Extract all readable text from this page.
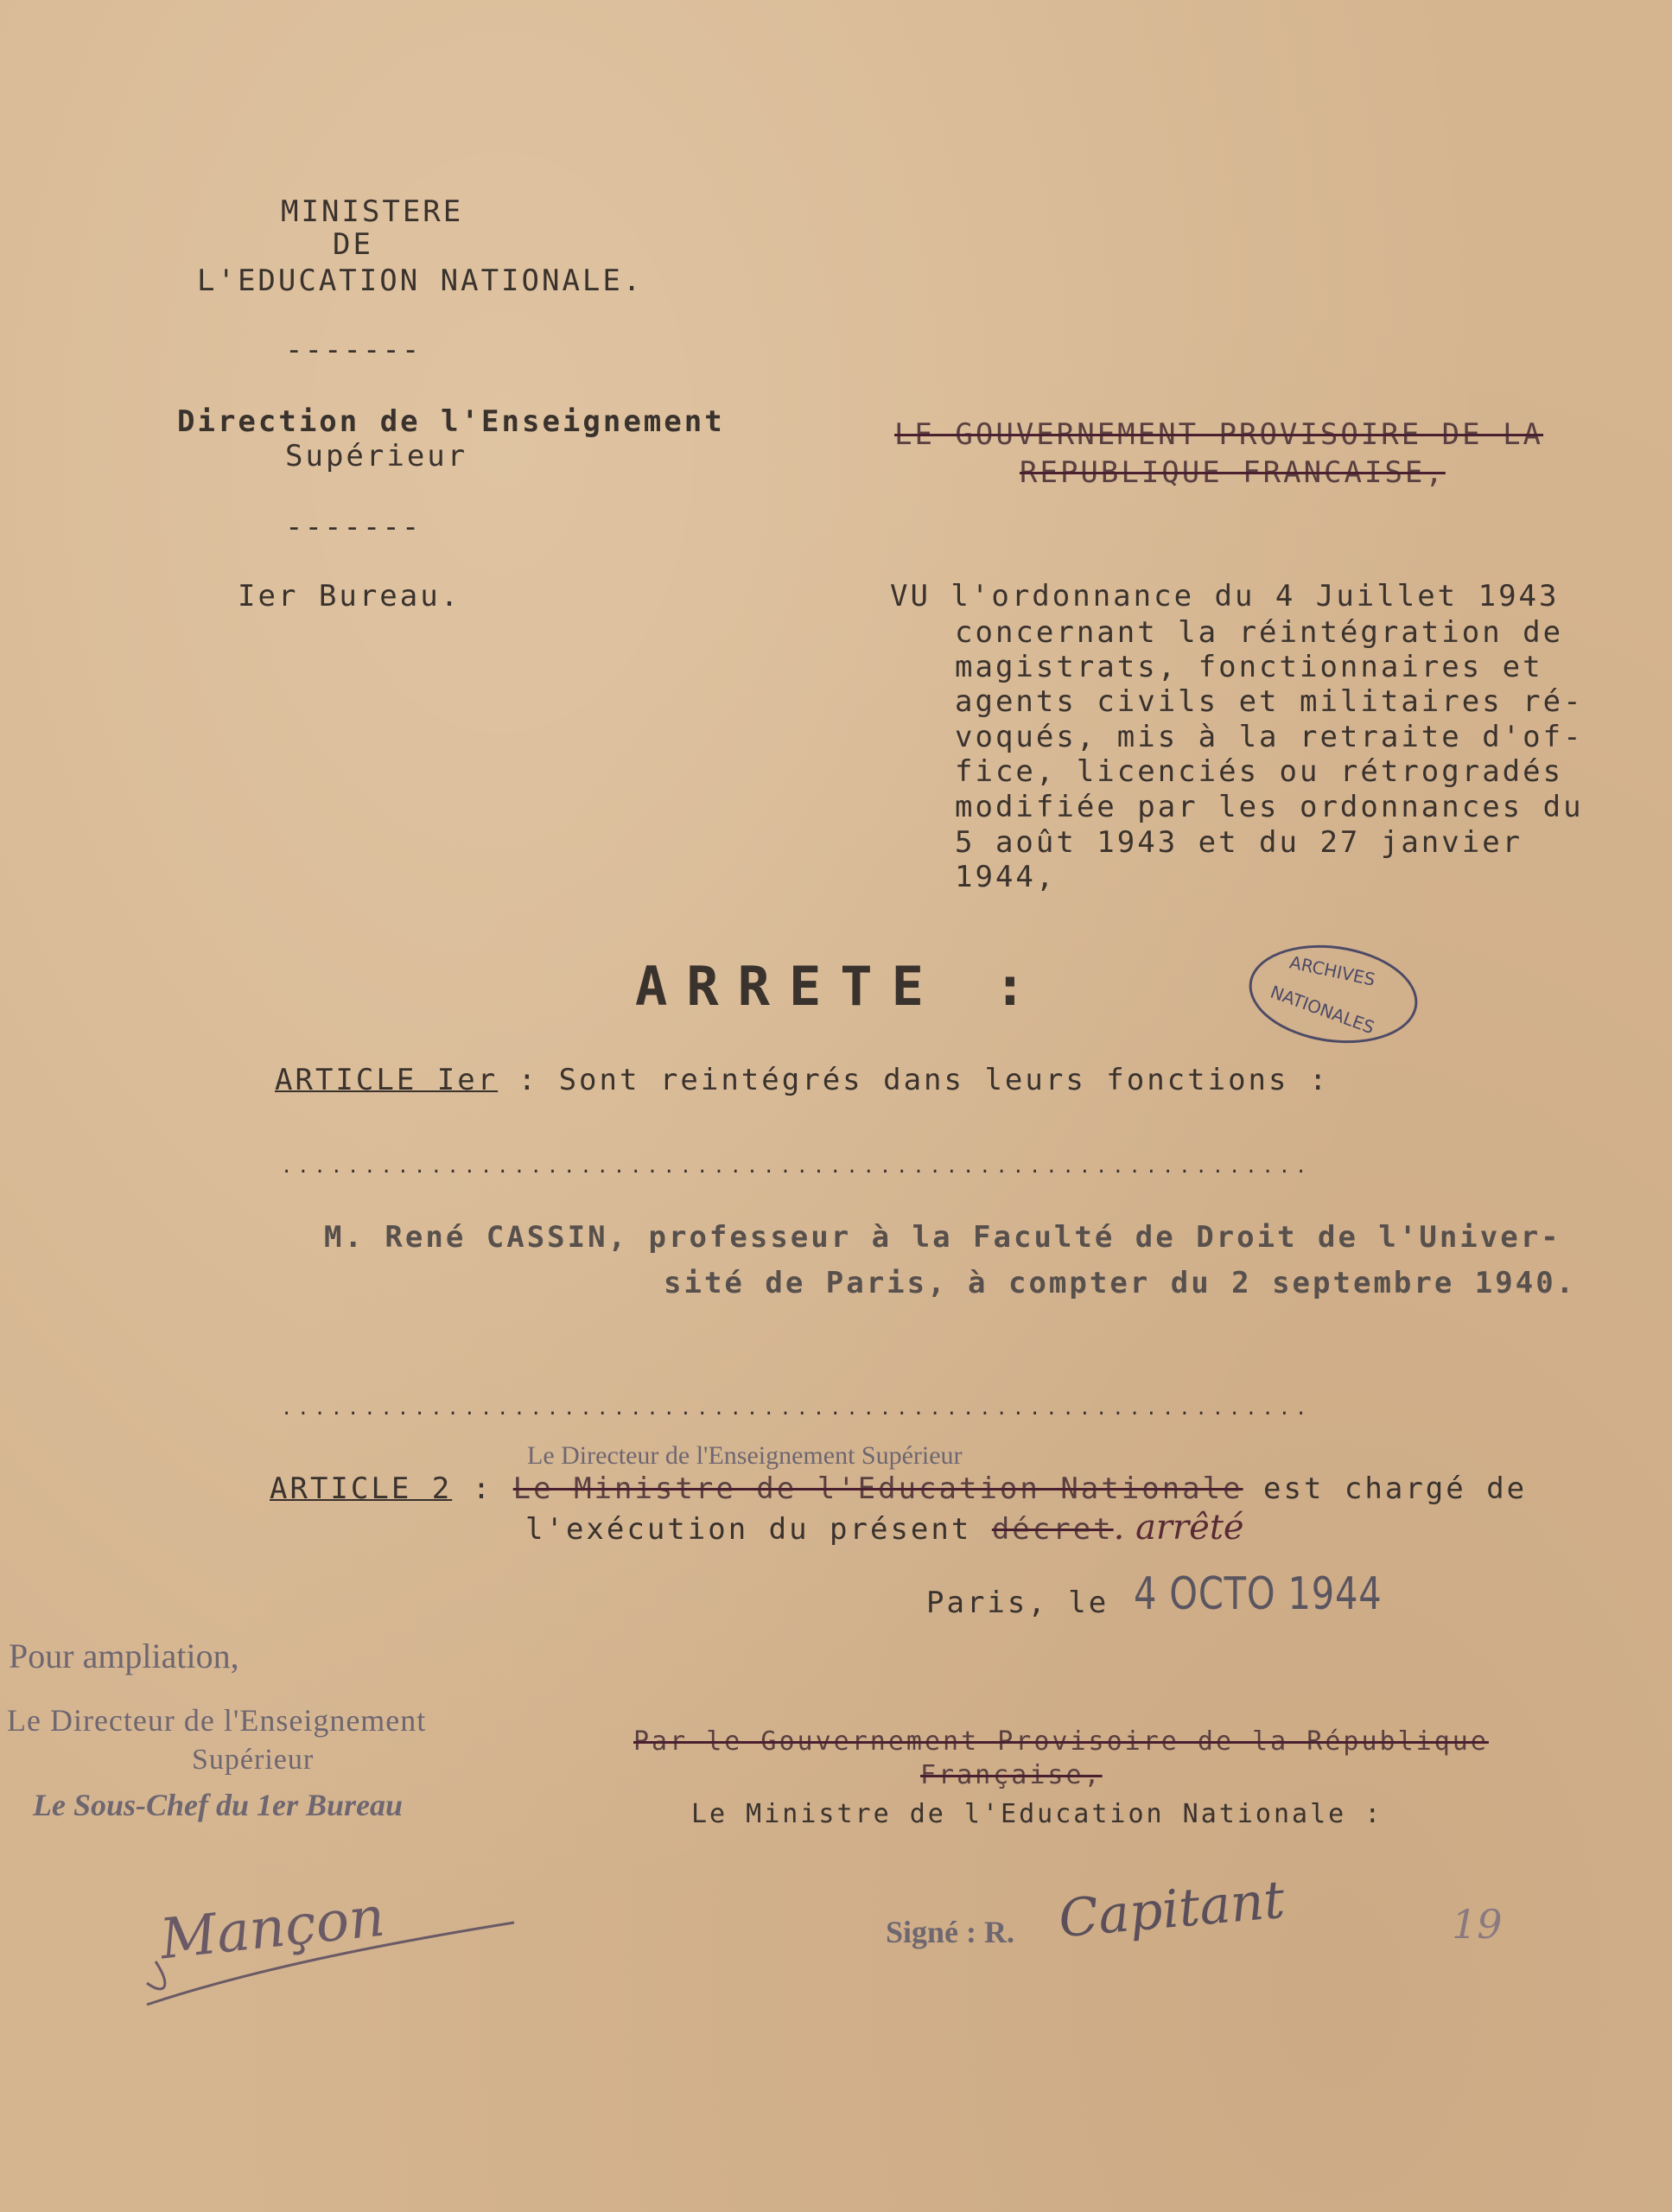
MINISTERE
DE
L'EDUCATION NATIONALE.
-------
Direction de l'Enseignement
Supérieur
-------
Ier Bureau.
LE GOUVERNEMENT PROVISOIRE DE LA
REPUBLIQUE FRANCAISE,
VU l'ordonnance du 4 Juillet 1943
concernant la réintégration de
magistrats, fonctionnaires et
agents civils et militaires ré-
voqués, mis à la retraite d'of-
fice, licenciés ou rétrogradés
modifiée par les ordonnances du
5 août 1943 et du 27 janvier
1944,
ARRETE :	ARCHIVES
NATIONALES
ARTICLE Ier : Sont reintégrés dans leurs fonctions :
..............................................................
M. René CASSIN, professeur à la Faculté de Droit de l'Univer-
sité de Paris, à compter du 2 septembre 1940.
..............................................................
Le Directeur de l'Enseignement Supérieur
ARTICLE 2 : Le Ministre de l'Education Nationale est chargé de
l'exécution du présent décret. arrêté
Paris, le 4 OCTO 1944
Pour ampliation,
Le Directeur de l'Enseignement
Supérieur
Le Sous-Chef du 1er Bureau
Mançon
Par le Gouvernement Provisoire de la République
Française,
Le Ministre de l'Education Nationale :
Signé : R. Capitant	19
